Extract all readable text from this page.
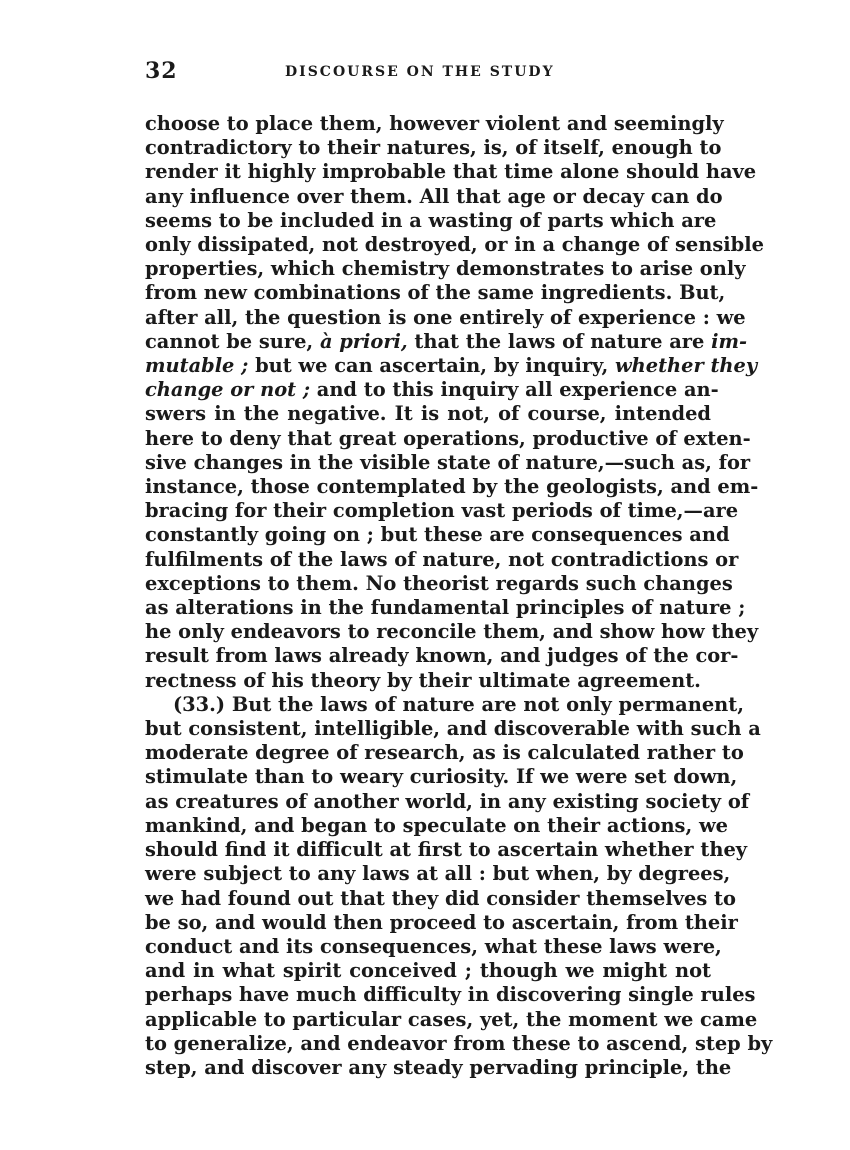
32	DISCOURSE ON THE STUDY
choose to place them, however violent and seemingly
contradictory to their natures, is, of itself, enough to
render it highly improbable that time alone should have
any influence over them. All that age or decay can do
seems to be included in a wasting of parts which are
only dissipated, not destroyed, or in a change of sensible
properties, which chemistry demonstrates to arise only
from new combinations of the same ingredients. But,
after all, the question is one entirely of experience : we
cannot be sure, à priori, that the laws of nature are im-
mutable ; but we can ascertain, by inquiry, whether they
change or not ; and to this inquiry all experience an-
swers in the negative. It is not, of course, intended
here to deny that great operations, productive of exten-
sive changes in the visible state of nature,—such as, for
instance, those contemplated by the geologists, and em-
bracing for their completion vast periods of time,—are
constantly going on ; but these are consequences and
fulfilments of the laws of nature, not contradictions or
exceptions to them. No theorist regards such changes
as alterations in the fundamental principles of nature ;
he only endeavors to reconcile them, and show how they
result from laws already known, and judges of the cor-
rectness of his theory by their ultimate agreement.
(33.) But the laws of nature are not only permanent,
but consistent, intelligible, and discoverable with such a
moderate degree of research, as is calculated rather to
stimulate than to weary curiosity. If we were set down,
as creatures of another world, in any existing society of
mankind, and began to speculate on their actions, we
should find it difficult at first to ascertain whether they
were subject to any laws at all : but when, by degrees,
we had found out that they did consider themselves to
be so, and would then proceed to ascertain, from their
conduct and its consequences, what these laws were,
and in what spirit conceived ; though we might not
perhaps have much difficulty in discovering single rules
applicable to particular cases, yet, the moment we came
to generalize, and endeavor from these to ascend, step by
step, and discover any steady pervading principle, the
